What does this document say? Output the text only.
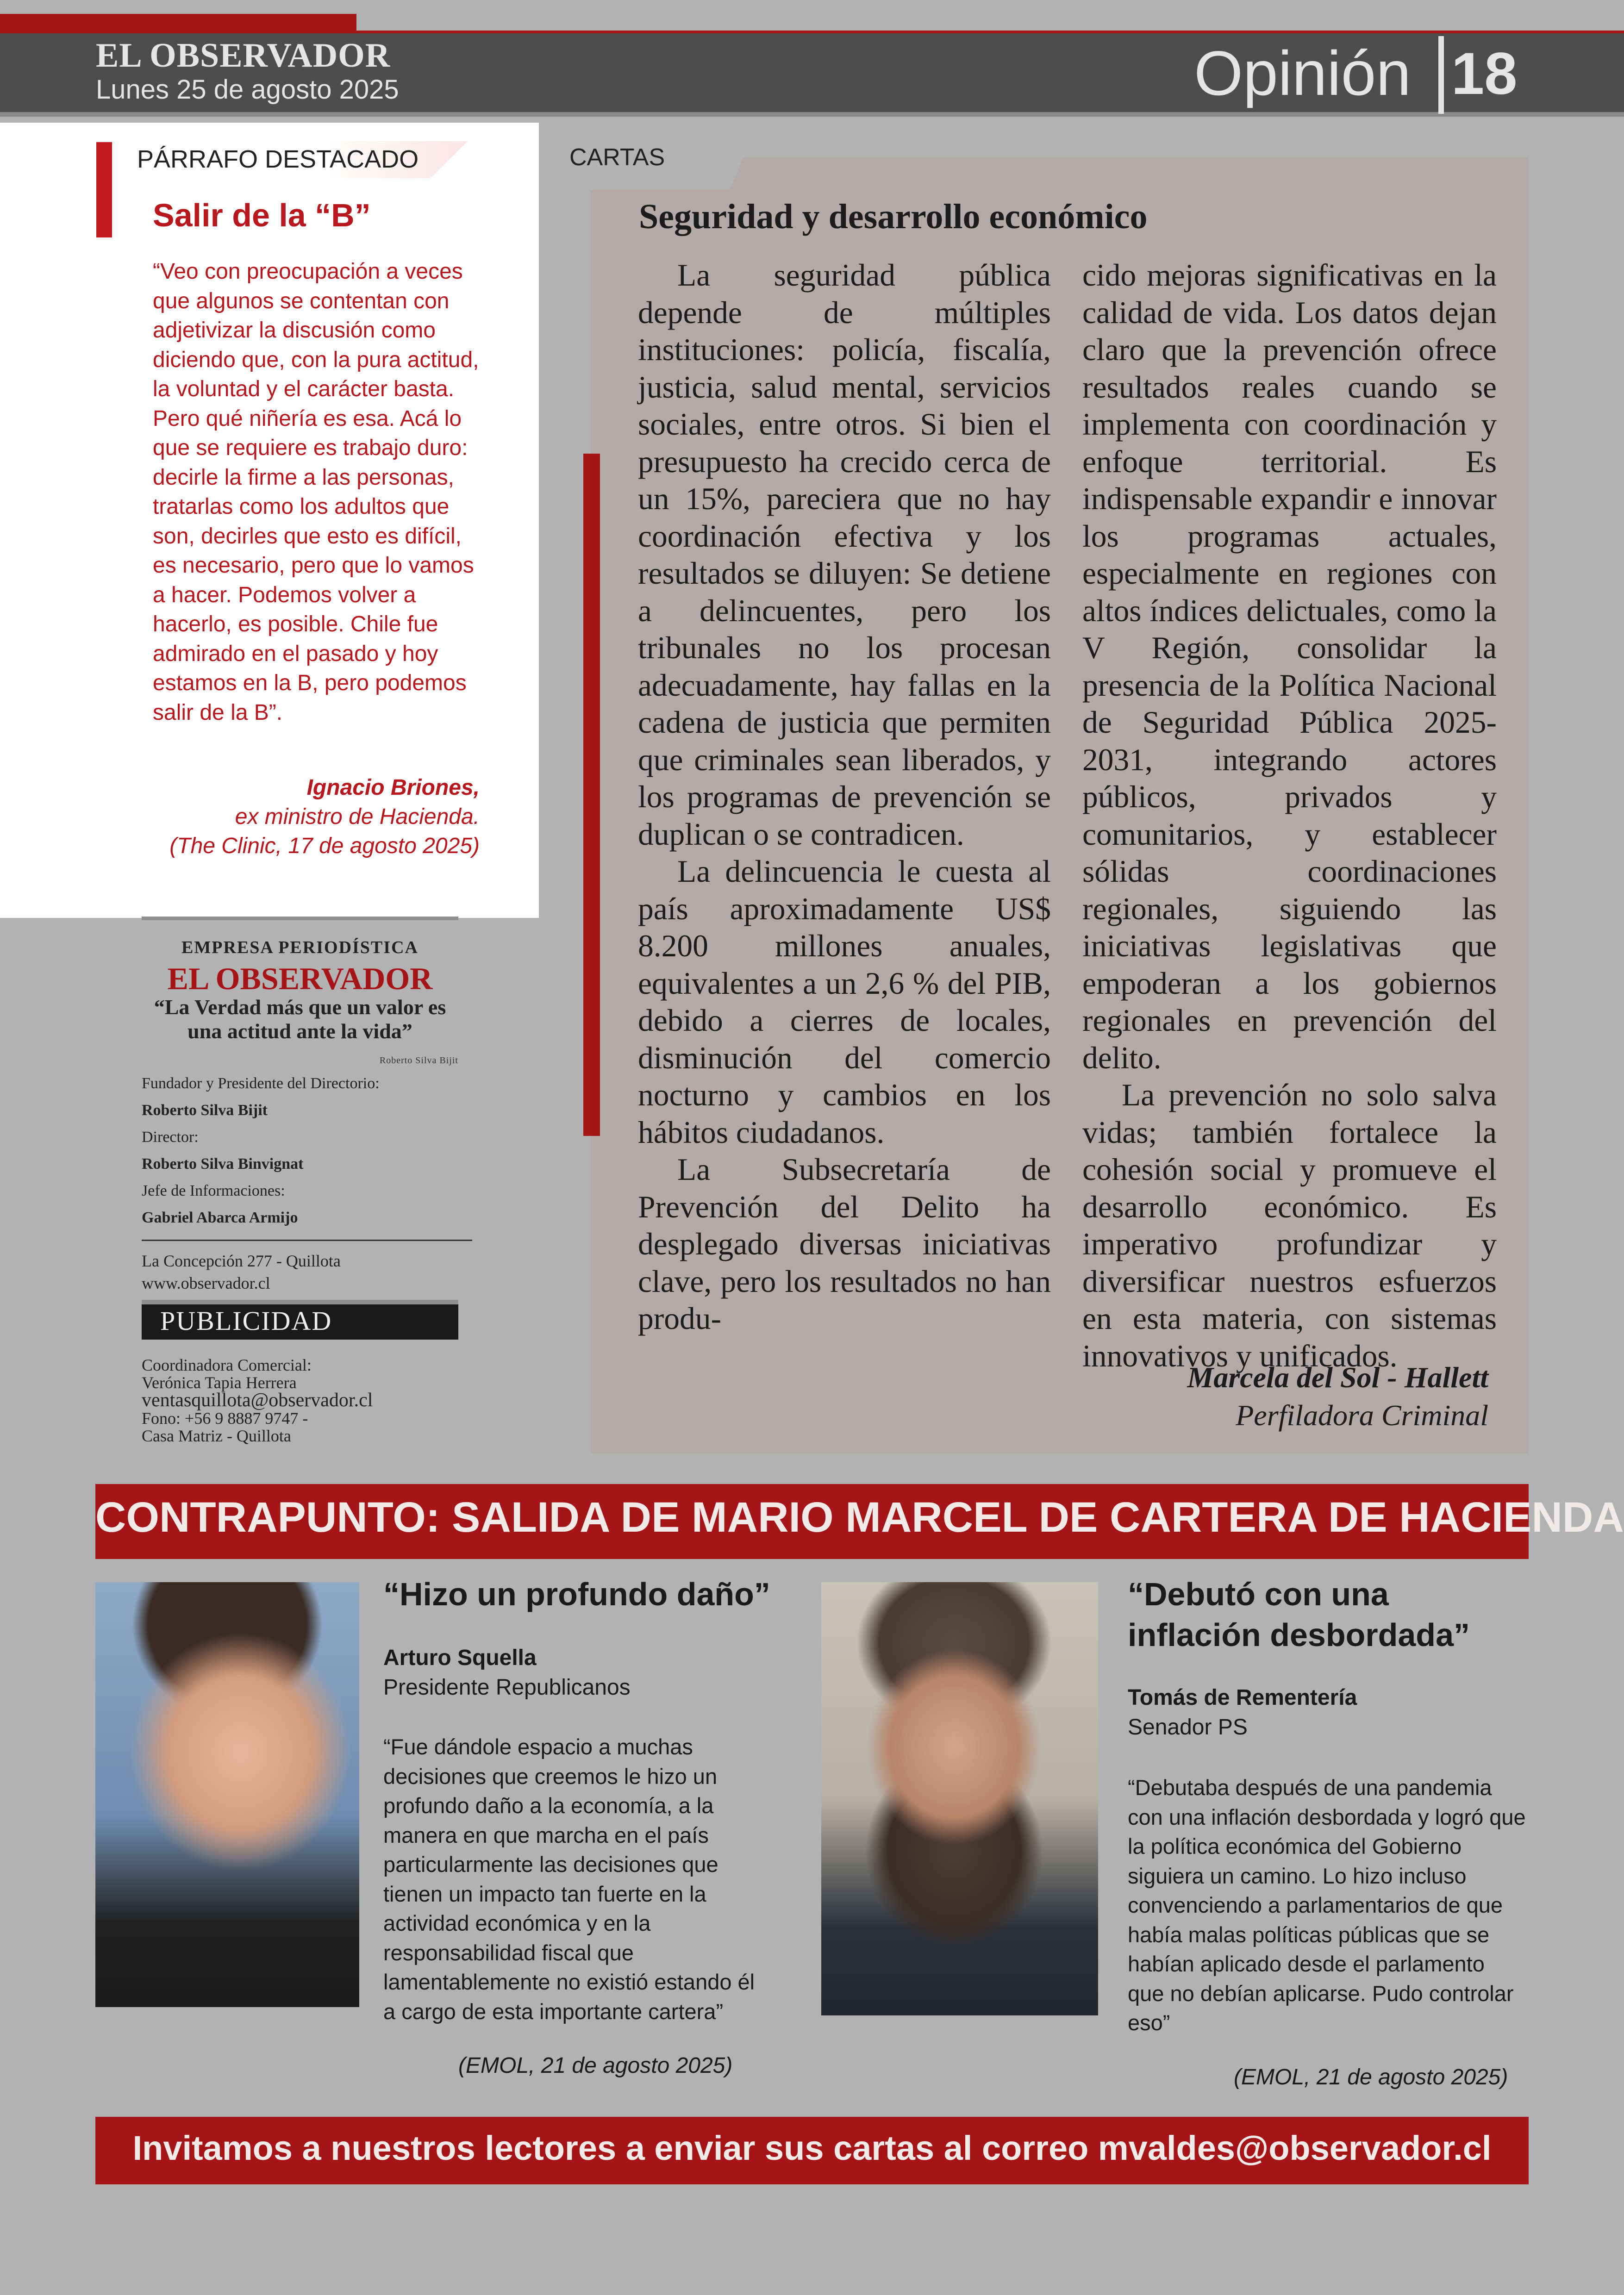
EL OBSERVADOR
Lunes 25 de agosto 2025	Opinión 18
PÁRRAFO DESTACADO
Salir de la “B”
“Veo con preocupación a veces que algunos se contentan con adjetivizar la discusión como diciendo que, con la pura actitud, la voluntad y el carácter basta. Pero qué niñería es esa. Acá lo que se requiere es trabajo duro: decirle la firme a las personas, tratarlas como los adultos que son, decirles que esto es difícil, es necesario, pero que lo vamos a hacer. Podemos volver a hacerlo, es posible. Chile fue admirado en el pasado y hoy estamos en la B, pero podemos salir de la B”.
Ignacio Briones,
ex ministro de Hacienda.
(The Clinic, 17 de agosto 2025)
EMPRESA PERIODÍSTICA
EL OBSERVADOR
“La Verdad más que un valor es una actitud ante la vida”
Roberto Silva Bijit
Fundador y Presidente del Directorio:
Roberto Silva Bijit
Director:
Roberto Silva Binvignat
Jefe de Informaciones:
Gabriel Abarca Armijo
La Concepción 277 - Quillota
www.observador.cl
PUBLICIDAD
Coordinadora Comercial:
Verónica Tapia Herrera
ventasquillota@observador.cl
Fono: +56 9 8887 9747 -
Casa Matriz - Quillota
CARTAS
Seguridad y desarrollo económico

La seguridad pública depende de múltiples instituciones: policía, fiscalía, justicia, salud mental, servicios sociales, entre otros. Si bien el presupuesto ha crecido cerca de un 15%, pareciera que no hay coordinación efectiva y los resultados se diluyen: Se detiene a delincuentes, pero los tribunales no los procesan adecuadamente, hay fallas en la cadena de justicia que permiten que criminales sean liberados, y los programas de prevención se duplican o se contradicen.

La delincuencia le cuesta al país aproximadamente US$ 8.200 millones anuales, equivalentes a un 2,6 % del PIB, debido a cierres de locales, disminución del comercio nocturno y cambios en los hábitos ciudadanos.

La Subsecretaría de Prevención del Delito ha desplegado diversas iniciativas clave, pero los resultados no han produ-

cido mejoras significativas en la calidad de vida. Los datos dejan claro que la prevención ofrece resultados reales cuando se implementa con coordinación y enfoque territorial. Es indispensable expandir e innovar los programas actuales, especialmente en regiones con altos índices delictuales, como la V Región, consolidar la presencia de la Política Nacional de Seguridad Pública 2025-2031, integrando actores públicos, privados y comunitarios, y establecer sólidas coordinaciones regionales, siguiendo las iniciativas legislativas que empoderan a los gobiernos regionales en prevención del delito.

La prevención no solo salva vidas; también fortalece la cohesión social y promueve el desarrollo económico. Es imperativo profundizar y diversificar nuestros esfuerzos en esta materia, con sistemas innovativos y unificados.

Marcela del Sol - Hallett
Perfiladora Criminal
CONTRAPUNTO: SALIDA DE MARIO MARCEL DE CARTERA DE HACIENDA
“Hizo un profundo daño”
Arturo Squella
Presidente Republicanos
“Fue dándole espacio a muchas decisiones que creemos le hizo un profundo daño a la economía, a la manera en que marcha en el país particularmente las decisiones que tienen un impacto tan fuerte en la actividad económica y en la responsabilidad fiscal que lamentablemente no existió estando él a cargo de esta importante cartera”
(EMOL, 21 de agosto 2025)
“Debutó con una inflación desbordada”
Tomás de Rementería
Senador PS
“Debutaba después de una pandemia con una inflación desbordada y logró que la política económica del Gobierno siguiera un camino. Lo hizo incluso convenciendo a parlamentarios de que había malas políticas públicas que se habían aplicado desde el parlamento que no debían aplicarse. Pudo controlar eso”
(EMOL, 21 de agosto 2025)
Invitamos a nuestros lectores a enviar sus cartas al correo mvaldes@observador.cl
